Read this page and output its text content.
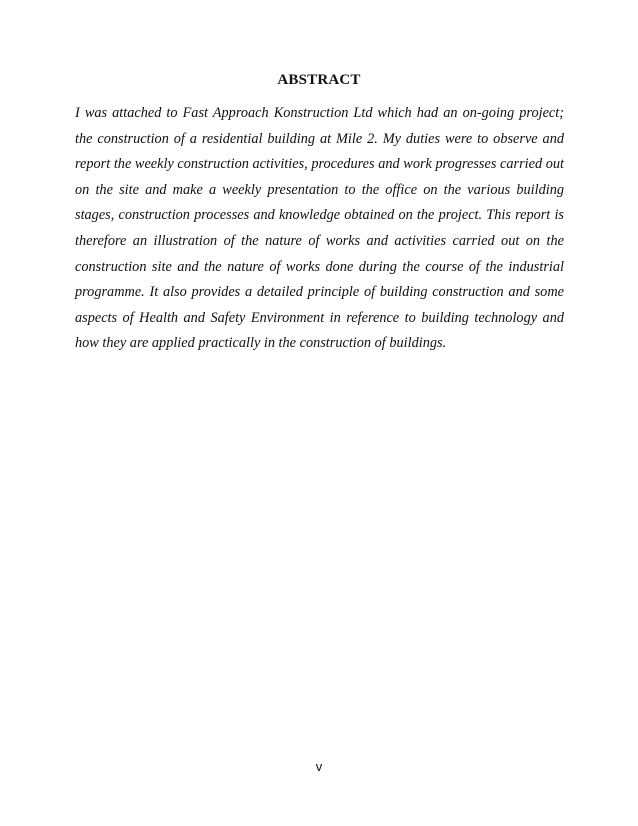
ABSTRACT

I was attached to Fast Approach Konstruction Ltd which had an on-going project; the construction of a residential building at Mile 2. My duties were to observe and report the weekly construction activities, procedures and work progresses carried out on the site and make a weekly presentation to the office on the various building stages, construction processes and knowledge obtained on the project. This report is therefore an illustration of the nature of works and activities carried out on the construction site and the nature of works done during the course of the industrial programme. It also provides a detailed principle of building construction and some aspects of Health and Safety Environment in reference to building technology and how they are applied practically in the construction of buildings.

v
